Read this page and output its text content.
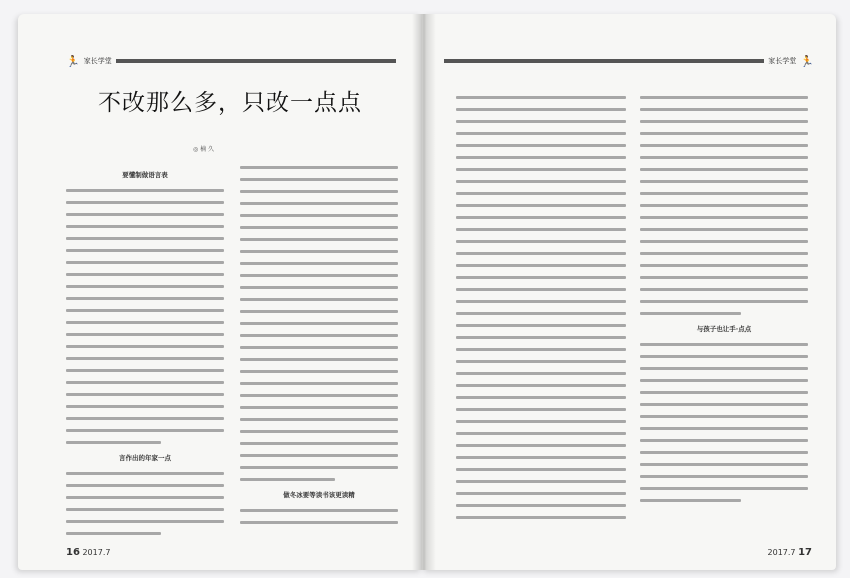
🏃 家长学堂
不改那么多，只改一点点
◎ 楠 久
要懂制做语言表
言作出的年家一点
做冬冰要等读书该更读精
16 2017.7
家长学堂 🏃
与孩子也让手·点点
2017.7 17
